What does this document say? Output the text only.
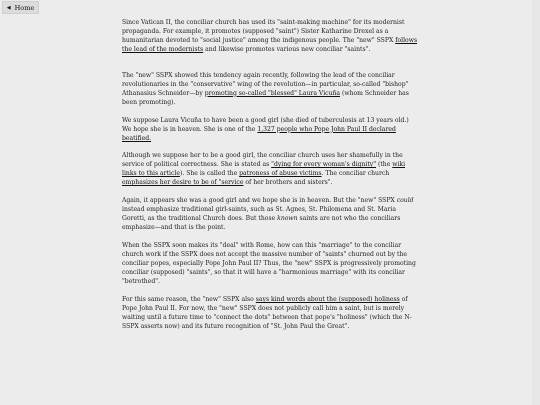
◀ Home

Since Vatican II, the conciliar church has used its "saint-making machine" for its modernist propaganda. For example, it promotes (supposed "saint") Sister Katharine Drexel as a humanitarian devoted to "social justice" among the indigenous people. The "new" SSPX follows the lead of the modernists and likewise promotes various new conciliar "saints".

The "new" SSPX showed this tendency again recently, following the lead of the conciliar revolutionaries in the "conservative" wing of the revolution—in particular, so-called "bishop" Athanasius Schneider—by promoting so-called "blessed" Laura Vicuña (whom Schneider has been promoting).

We suppose Laura Vicuña to have been a good girl (she died of tuberculosis at 13 years old.) We hope she is in heaven. She is one of the 1,327 people who Pope John Paul II declared beatified.

Although we suppose her to be a good girl, the conciliar church uses her shamefully in the service of political correctness. She is stated as "dying for every woman's dignity" (the wiki links to this article). She is called the patroness of abuse victims. The conciliar church emphasizes her desire to be of "service of her brothers and sisters".

Again, it appears she was a good girl and we hope she is in heaven. But the "new" SSPX could instead emphasize traditional girl-saints, such as St. Agnes, St. Philomena and St. Maria Goretti, as the traditional Church does. But those known saints are not who the conciliars emphasize—and that is the point.

When the SSPX soon makes its "deal" with Rome, how can this "marriage" to the conciliar church work if the SSPX does not accept the massive number of "saints" churned out by the conciliar popes, especially Pope John Paul II? Thus, the "new" SSPX is progressively promoting conciliar (supposed) "saints", so that it will have a "harmonious marriage" with its conciliar "betrothed".

For this same reason, the "new" SSPX also says kind words about the (supposed) holiness of Pope John Paul II. For now, the "new" SSPX does not publicly call him a saint, but is merely waiting until a future time to "connect the dots" between that pope's "holiness" (which the N-SSPX asserts now) and its future recognition of "St. John Paul the Great".
